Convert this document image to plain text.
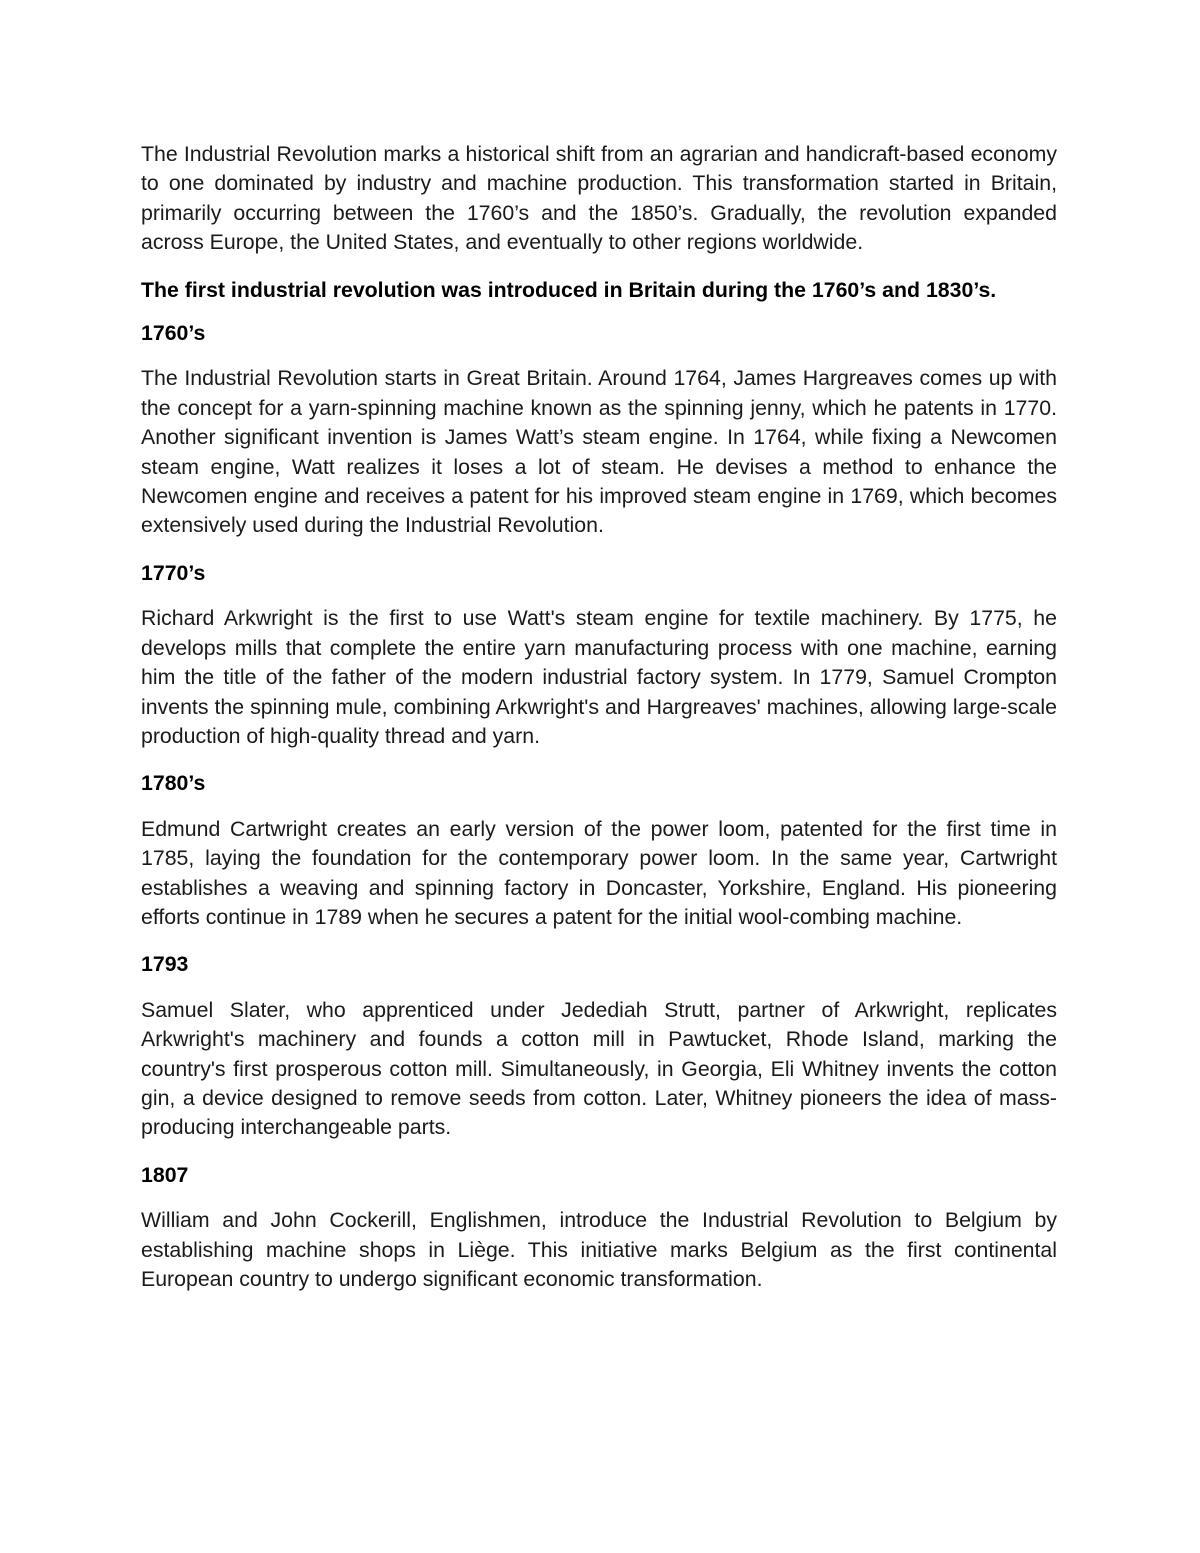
The Industrial Revolution marks a historical shift from an agrarian and handicraft-based economy to one dominated by industry and machine production. This transformation started in Britain, primarily occurring between the 1760’s and the 1850’s. Gradually, the revolution expanded across Europe, the United States, and eventually to other regions worldwide.

The first industrial revolution was introduced in Britain during the 1760’s and 1830’s.

1760’s

The Industrial Revolution starts in Great Britain. Around 1764, James Hargreaves comes up with the concept for a yarn-spinning machine known as the spinning jenny, which he patents in 1770. Another significant invention is James Watt’s steam engine. In 1764, while fixing a Newcomen steam engine, Watt realizes it loses a lot of steam. He devises a method to enhance the Newcomen engine and receives a patent for his improved steam engine in 1769, which becomes extensively used during the Industrial Revolution.

1770’s

Richard Arkwright is the first to use Watt's steam engine for textile machinery. By 1775, he develops mills that complete the entire yarn manufacturing process with one machine, earning him the title of the father of the modern industrial factory system. In 1779, Samuel Crompton invents the spinning mule, combining Arkwright's and Hargreaves' machines, allowing large-scale production of high-quality thread and yarn.

1780’s

Edmund Cartwright creates an early version of the power loom, patented for the first time in 1785, laying the foundation for the contemporary power loom. In the same year, Cartwright establishes a weaving and spinning factory in Doncaster, Yorkshire, England. His pioneering efforts continue in 1789 when he secures a patent for the initial wool-combing machine.

1793

Samuel Slater, who apprenticed under Jedediah Strutt, partner of Arkwright, replicates Arkwright's machinery and founds a cotton mill in Pawtucket, Rhode Island, marking the country's first prosperous cotton mill. Simultaneously, in Georgia, Eli Whitney invents the cotton gin, a device designed to remove seeds from cotton. Later, Whitney pioneers the idea of mass-producing interchangeable parts.

1807

William and John Cockerill, Englishmen, introduce the Industrial Revolution to Belgium by establishing machine shops in Liège. This initiative marks Belgium as the first continental European country to undergo significant economic transformation.
